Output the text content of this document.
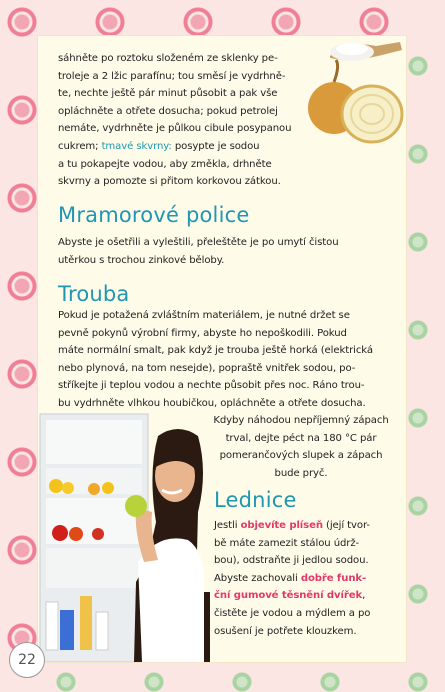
sáhněte po roztoku složeném ze sklenky pe-
troleje a 2 lžic parafínu; tou směsí je vydrhně-
te, nechte ještě pár minut působit a pak vše
opláchněte a otřete dosucha; pokud petrolej
nemáte, vydrhněte je půlkou cibule posypanou
cukrem; tmavé skvrny: posypte je sodou
a tu pokapejte vodou, aby změkla, drhněte
skvrny a pomozte si přitom korkovou zátkou.
Mramorové police
Abyste je ošetřili a vyleštili, přeleštěte je po umytí čistou
utěrkou s trochou zinkové běloby.
Trouba
Pokud je potažená zvláštním materiálem, je nutné držet se
pevně pokynů výrobní firmy, abyste ho nepoškodili. Pokud
máte normální smalt, pak když je trouba ještě horká (elektrická
nebo plynová, na tom nesejde), popraště vnitřek sodou, po-
stříkejte ji teplou vodou a nechte působit přes noc. Ráno trou-
bu vydrhněte vlhkou houbičkou, opláchněte a otřete dosucha.
Kdyby náhodou nepříjemný zápach
trval, dejte péct na 180 °C pár
pomerančových slupek a zápach
bude pryč.
Lednice
Jestli objevíte plíseň (její tvor-
bě máte zamezit stálou údrž-
bou), odstraňte ji jedlou sodou.
Abyste zachovali dobře funk-
ční gumové těsnění dvířek,
čistěte je vodou a mýdlem a po
osušení je potřete klouzkem.
22
